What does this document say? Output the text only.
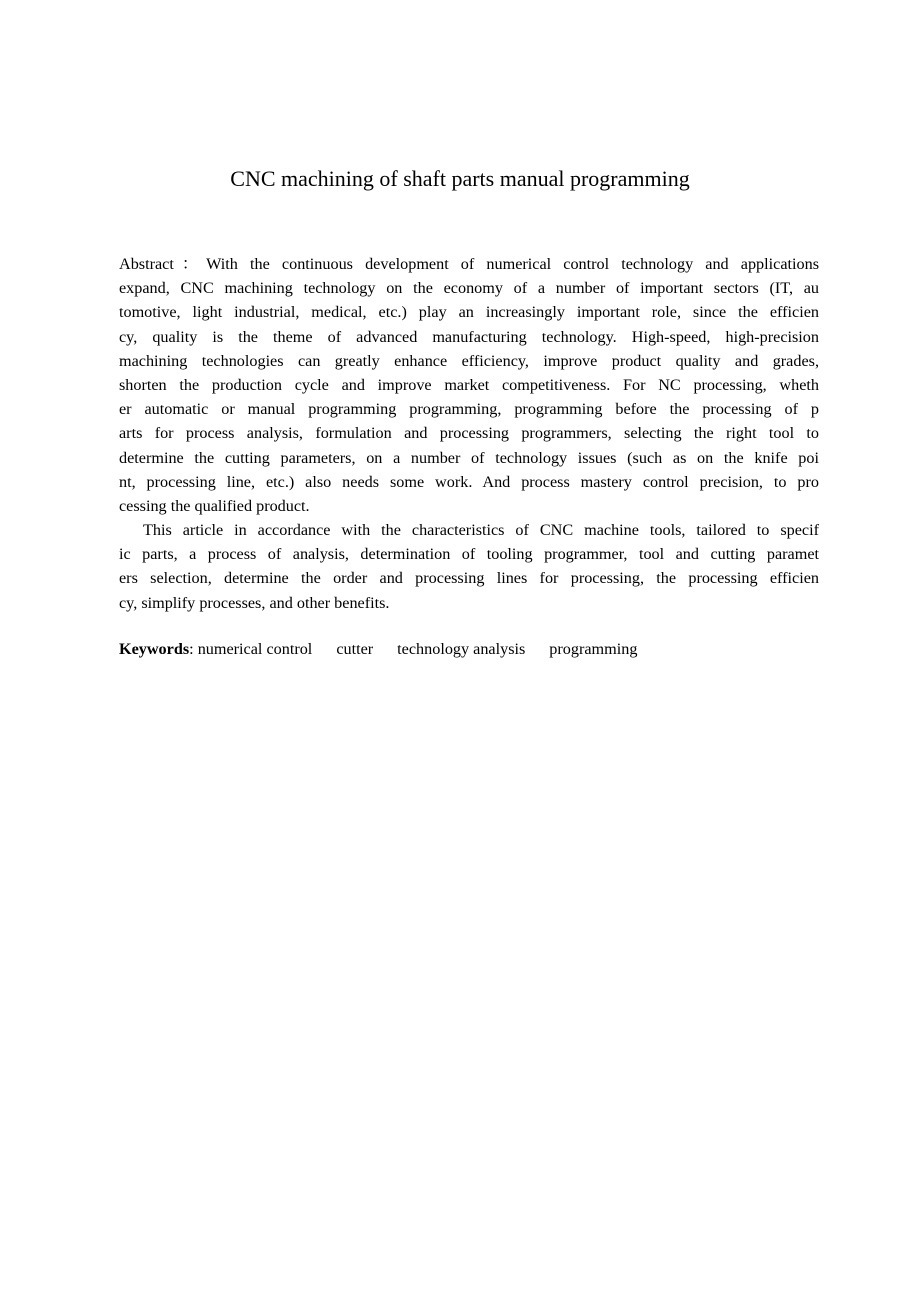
CNC machining of shaft parts manual programming
Abstract：With the continuous development of numerical control technology and applications
expand, CNC machining technology on the economy of a number of important sectors (IT, au
tomotive, light industrial, medical, etc.) play an increasingly important role, since the efficien
cy, quality is the theme of advanced manufacturing technology. High-speed, high-precision
machining technologies can greatly enhance efficiency, improve product quality and grades,
shorten the production cycle and improve market competitiveness. For NC processing, wheth
er automatic or manual programming programming, programming before the processing of p
arts for process analysis, formulation and processing programmers, selecting the right tool to
determine the cutting parameters, on a number of technology issues (such as on the knife poi
nt, processing line, etc.) also needs some work. And process mastery control precision, to pro
cessing the qualified product.
This article in accordance with the characteristics of CNC machine tools, tailored to specif
ic parts, a process of analysis, determination of tooling programmer, tool and cutting paramet
ers selection, determine the order and processing lines for processing, the processing efficien
cy, simplify processes, and other benefits.
Keywords: numerical control cutter technology analysis programming
